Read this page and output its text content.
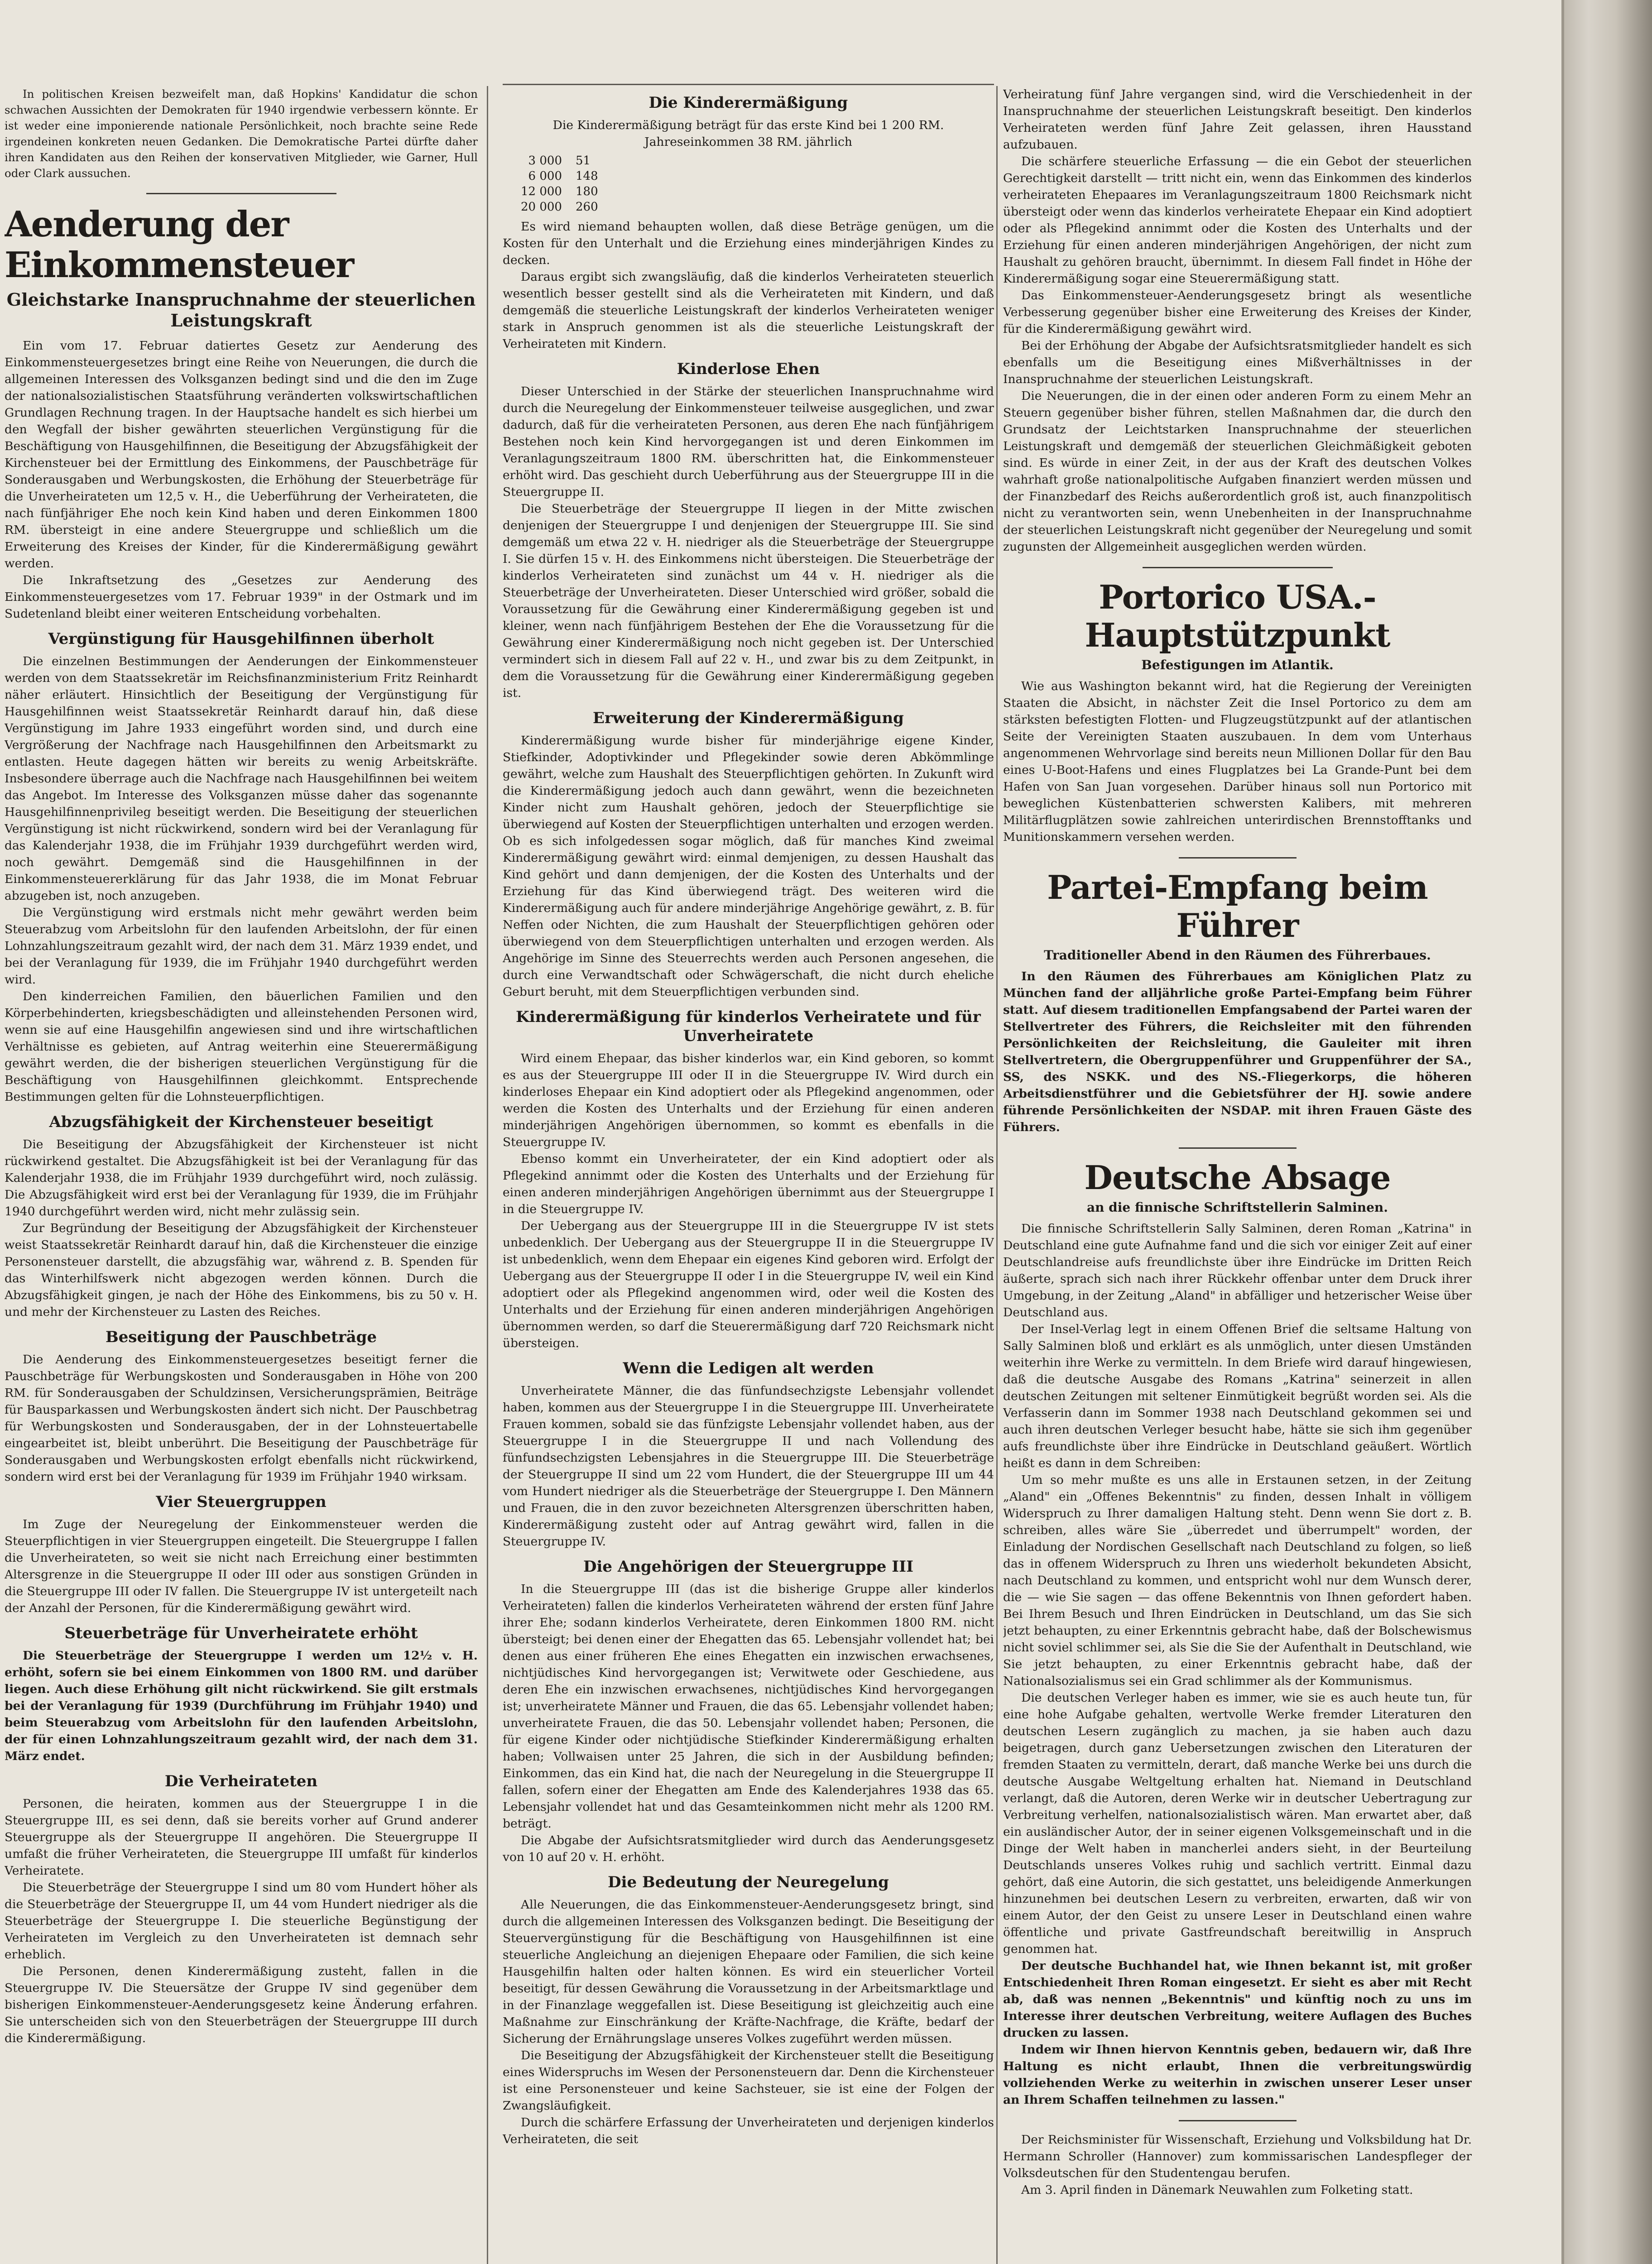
In politischen Kreisen bezweifelt man, daß Hopkins' Kandidatur die schon schwachen Aussichten der Demokraten für 1940 irgendwie verbessern könnte. Er ist weder eine imponierende nationale Persönlichkeit, noch brachte seine Rede irgendeinen konkreten neuen Gedanken. Die Demokratische Partei dürfte daher ihren Kandidaten aus den Reihen der konservativen Mitglieder, wie Garner, Hull oder Clark aussuchen.

Aenderung der Einkommensteuer
Gleichstarke Inanspruchnahme der steuerlichen Leistungskraft

Ein vom 17. Februar datiertes Gesetz zur Aenderung des Einkommensteuergesetzes bringt eine Reihe von Neuerungen, die durch die allgemeinen Interessen des Volksganzen bedingt sind und die den im Zuge der nationalsozialistischen Staatsführung veränderten volkswirtschaftlichen Grundlagen Rechnung tragen. In der Hauptsache handelt es sich hierbei um den Wegfall der bisher gewährten steuerlichen Vergünstigung für die Beschäftigung von Hausgehilfinnen, die Beseitigung der Abzugsfähigkeit der Kirchensteuer bei der Ermittlung des Einkommens, der Pauschbeträge für Sonderausgaben und Werbungskosten, die Erhöhung der Steuerbeträge für die Unverheirateten um 12,5 v. H., die Ueberführung der Verheirateten, die nach fünfjähriger Ehe noch kein Kind haben und deren Einkommen 1800 RM. übersteigt in eine andere Steuergruppe und schließlich um die Erweiterung des Kreises der Kinder, für die Kinderermäßigung gewährt werden.

Die Inkraftsetzung des „Gesetzes zur Aenderung des Einkommensteuergesetzes vom 17. Februar 1939" in der Ostmark und im Sudetenland bleibt einer weiteren Entscheidung vorbehalten.

Vergünstigung für Hausgehilfinnen überholt

Die einzelnen Bestimmungen der Aenderungen der Einkommensteuer werden von dem Staatssekretär im Reichsfinanzministerium Fritz Reinhardt näher erläutert. Hinsichtlich der Beseitigung der Vergünstigung für Hausgehilfinnen weist Staatssekretär Reinhardt darauf hin, daß diese Vergünstigung im Jahre 1933 eingeführt worden sind, und durch eine Vergrößerung der Nachfrage nach Hausgehilfinnen den Arbeitsmarkt zu entlasten. Heute dagegen hätten wir bereits zu wenig Arbeitskräfte. Insbesondere überrage auch die Nachfrage nach Hausgehilfinnen bei weitem das Angebot. Im Interesse des Volksganzen müsse daher das sogenannte Hausgehilfinnenprivileg beseitigt werden. Die Beseitigung der steuerlichen Vergünstigung ist nicht rückwirkend, sondern wird bei der Veranlagung für das Kalenderjahr 1938, die im Frühjahr 1939 durchgeführt werden wird, noch gewährt. Demgemäß sind die Hausgehilfinnen in der Einkommensteuererklärung für das Jahr 1938, die im Monat Februar abzugeben ist, noch anzugeben.

Die Vergünstigung wird erstmals nicht mehr gewährt werden beim Steuerabzug vom Arbeitslohn für den laufenden Arbeitslohn, der für einen Lohnzahlungszeitraum gezahlt wird, der nach dem 31. März 1939 endet, und bei der Veranlagung für 1939, die im Frühjahr 1940 durchgeführt werden wird.

Den kinderreichen Familien, den bäuerlichen Familien und den Körperbehinderten, kriegsbeschädigten und alleinstehenden Personen wird, wenn sie auf eine Hausgehilfin angewiesen sind und ihre wirtschaftlichen Verhältnisse es gebieten, auf Antrag weiterhin eine Steuerermäßigung gewährt werden, die der bisherigen steuerlichen Vergünstigung für die Beschäftigung von Hausgehilfinnen gleichkommt. Entsprechende Bestimmungen gelten für die Lohnsteuerpflichtigen.

Abzugsfähigkeit der Kirchensteuer beseitigt

Die Beseitigung der Abzugsfähigkeit der Kirchensteuer ist nicht rückwirkend gestaltet. Die Abzugsfähigkeit ist bei der Veranlagung für das Kalenderjahr 1938, die im Frühjahr 1939 durchgeführt wird, noch zulässig. Die Abzugsfähigkeit wird erst bei der Veranlagung für 1939, die im Frühjahr 1940 durchgeführt werden wird, nicht mehr zulässig sein.

Zur Begründung der Beseitigung der Abzugsfähigkeit der Kirchensteuer weist Staatssekretär Reinhardt darauf hin, daß die Kirchensteuer die einzige Personensteuer darstellt, die abzugsfähig war, während z. B. Spenden für das Winterhilfswerk nicht abgezogen werden können. Durch die Abzugsfähigkeit gingen, je nach der Höhe des Einkommens, bis zu 50 v. H. und mehr der Kirchensteuer zu Lasten des Reiches.

Beseitigung der Pauschbeträge

Die Aenderung des Einkommensteuergesetzes beseitigt ferner die Pauschbeträge für Werbungskosten und Sonderausgaben in Höhe von 200 RM. für Sonderausgaben der Schuldzinsen, Versicherungsprämien, Beiträge für Bausparkassen und Werbungskosten ändert sich nicht. Der Pauschbetrag für Werbungskosten und Sonderausgaben, der in der Lohnsteuertabelle eingearbeitet ist, bleibt unberührt. Die Beseitigung der Pauschbeträge für Sonderausgaben und Werbungskosten erfolgt ebenfalls nicht rückwirkend, sondern wird erst bei der Veranlagung für 1939 im Frühjahr 1940 wirksam.

Vier Steuergruppen

Im Zuge der Neuregelung der Einkommensteuer werden die Steuerpflichtigen in vier Steuergruppen eingeteilt. Die Steuergruppe I fallen die Unverheirateten, so weit sie nicht nach Erreichung einer bestimmten Altersgrenze in die Steuergruppe II oder III oder aus sonstigen Gründen in die Steuergruppe III oder IV fallen. Die Steuergruppe IV ist untergeteilt nach der Anzahl der Personen, für die Kinderermäßigung gewährt wird.

Steuerbeträge für Unverheiratete erhöht

Die Steuerbeträge der Steuergruppe I werden um 12½ v. H. erhöht, sofern sie bei einem Einkommen von 1800 RM. und darüber liegen. Auch diese Erhöhung gilt nicht rückwirkend. Sie gilt erstmals bei der Veranlagung für 1939 (Durchführung im Frühjahr 1940) und beim Steuerabzug vom Arbeitslohn für den laufenden Arbeitslohn, der für einen Lohnzahlungszeitraum gezahlt wird, der nach dem 31. März endet.

Die Verheirateten

Personen, die heiraten, kommen aus der Steuergruppe I in die Steuergruppe III, es sei denn, daß sie bereits vorher auf Grund anderer Steuergruppe als der Steuergruppe II angehören. Die Steuergruppe II umfaßt die früher Verheirateten, die Steuergruppe III umfaßt für kinderlos Verheiratete.

Die Steuerbeträge der Steuergruppe I sind um 80 vom Hundert höher als die Steuerbeträge der Steuergruppe II, um 44 vom Hundert niedriger als die Steuerbeträge der Steuergruppe I. Die steuerliche Begünstigung der Verheirateten im Vergleich zu den Unverheirateten ist demnach sehr erheblich.

Die Personen, denen Kinderermäßigung zusteht, fallen in die Steuergruppe IV. Die Steuersätze der Gruppe IV sind gegenüber dem bisherigen Einkommensteuer-Aenderungsgesetz keine Änderung erfahren. Sie unterscheiden sich von den Steuerbeträgen der Steuergruppe III durch die Kinderermäßigung.

Die Kinderermäßigung

Die Kinderermäßigung beträgt für das erste Kind bei 1 200 RM. Jahreseinkommen 38 RM. jährlich

3 000	51
6 000	148
12 000	180
20 000	260

Es wird niemand behaupten wollen, daß diese Beträge genügen, um die Kosten für den Unterhalt und die Erziehung eines minderjährigen Kindes zu decken.

Daraus ergibt sich zwangsläufig, daß die kinderlos Verheirateten steuerlich wesentlich besser gestellt sind als die Verheirateten mit Kindern, und daß demgemäß die steuerliche Leistungskraft der kinderlos Verheirateten weniger stark in Anspruch genommen ist als die steuerliche Leistungskraft der Verheirateten mit Kindern.

Kinderlose Ehen

Dieser Unterschied in der Stärke der steuerlichen Inanspruchnahme wird durch die Neuregelung der Einkommensteuer teilweise ausgeglichen, und zwar dadurch, daß für die verheirateten Personen, aus deren Ehe nach fünfjährigem Bestehen noch kein Kind hervorgegangen ist und deren Einkommen im Veranlagungszeitraum 1800 RM. überschritten hat, die Einkommensteuer erhöht wird. Das geschieht durch Ueberführung aus der Steuergruppe III in die Steuergruppe II.

Die Steuerbeträge der Steuergruppe II liegen in der Mitte zwischen denjenigen der Steuergruppe I und denjenigen der Steuergruppe III. Sie sind demgemäß um etwa 22 v. H. niedriger als die Steuerbeträge der Steuergruppe I. Sie dürfen 15 v. H. des Einkommens nicht übersteigen. Die Steuerbeträge der kinderlos Verheirateten sind zunächst um 44 v. H. niedriger als die Steuerbeträge der Unverheirateten. Dieser Unterschied wird größer, sobald die Voraussetzung für die Gewährung einer Kinderermäßigung gegeben ist und kleiner, wenn nach fünfjährigem Bestehen der Ehe die Voraussetzung für die Gewährung einer Kinderermäßigung noch nicht gegeben ist. Der Unterschied vermindert sich in diesem Fall auf 22 v. H., und zwar bis zu dem Zeitpunkt, in dem die Voraussetzung für die Gewährung einer Kinderermäßigung gegeben ist.

Erweiterung der Kinderermäßigung

Kinderermäßigung wurde bisher für minderjährige eigene Kinder, Stiefkinder, Adoptivkinder und Pflegekinder sowie deren Abkömmlinge gewährt, welche zum Haushalt des Steuerpflichtigen gehörten. In Zukunft wird die Kinderermäßigung jedoch auch dann gewährt, wenn die bezeichneten Kinder nicht zum Haushalt gehören, jedoch der Steuerpflichtige sie überwiegend auf Kosten der Steuerpflichtigen unterhalten und erzogen werden. Ob es sich infolgedessen sogar möglich, daß für manches Kind zweimal Kinderermäßigung gewährt wird: einmal demjenigen, zu dessen Haushalt das Kind gehört und dann demjenigen, der die Kosten des Unterhalts und der Erziehung für das Kind überwiegend trägt. Des weiteren wird die Kinderermäßigung auch für andere minderjährige Angehörige gewährt, z. B. für Neffen oder Nichten, die zum Haushalt der Steuerpflichtigen gehören oder überwiegend von dem Steuerpflichtigen unterhalten und erzogen werden. Als Angehörige im Sinne des Steuerrechts werden auch Personen angesehen, die durch eine Verwandtschaft oder Schwägerschaft, die nicht durch eheliche Geburt beruht, mit dem Steuerpflichtigen verbunden sind.

Kinderermäßigung für kinderlos Verheiratete und für Unverheiratete

Wird einem Ehepaar, das bisher kinderlos war, ein Kind geboren, so kommt es aus der Steuergruppe III oder II in die Steuergruppe IV. Wird durch ein kinderloses Ehepaar ein Kind adoptiert oder als Pflegekind angenommen, oder werden die Kosten des Unterhalts und der Erziehung für einen anderen minderjährigen Angehörigen übernommen, so kommt es ebenfalls in die Steuergruppe IV.

Ebenso kommt ein Unverheirateter, der ein Kind adoptiert oder als Pflegekind annimmt oder die Kosten des Unterhalts und der Erziehung für einen anderen minderjährigen Angehörigen übernimmt aus der Steuergruppe I in die Steuergruppe IV.

Der Uebergang aus der Steuergruppe III in die Steuergruppe IV ist stets unbedenklich. Der Uebergang aus der Steuergruppe II in die Steuergruppe IV ist unbedenklich, wenn dem Ehepaar ein eigenes Kind geboren wird. Erfolgt der Uebergang aus der Steuergruppe II oder I in die Steuergruppe IV, weil ein Kind adoptiert oder als Pflegekind angenommen wird, oder weil die Kosten des Unterhalts und der Erziehung für einen anderen minderjährigen Angehörigen übernommen werden, so darf die Steuerermäßigung darf 720 Reichsmark nicht übersteigen.

Wenn die Ledigen alt werden

Unverheiratete Männer, die das fünfundsechzigste Lebensjahr vollendet haben, kommen aus der Steuergruppe I in die Steuergruppe III. Unverheiratete Frauen kommen, sobald sie das fünfzigste Lebensjahr vollendet haben, aus der Steuergruppe I in die Steuergruppe II und nach Vollendung des fünfundsechzigsten Lebensjahres in die Steuergruppe III. Die Steuerbeträge der Steuergruppe II sind um 22 vom Hundert, die der Steuergruppe III um 44 vom Hundert niedriger als die Steuerbeträge der Steuergruppe I. Den Männern und Frauen, die in den zuvor bezeichneten Altersgrenzen überschritten haben, Kinderermäßigung zusteht oder auf Antrag gewährt wird, fallen in die Steuergruppe IV.

Die Angehörigen der Steuergruppe III

In die Steuergruppe III (das ist die bisherige Gruppe aller kinderlos Verheirateten) fallen die kinderlos Verheirateten während der ersten fünf Jahre ihrer Ehe; sodann kinderlos Verheiratete, deren Einkommen 1800 RM. nicht übersteigt; bei denen einer der Ehegatten das 65. Lebensjahr vollendet hat; bei denen aus einer früheren Ehe eines Ehegatten ein inzwischen erwachsenes, nichtjüdisches Kind hervorgegangen ist; Verwitwete oder Geschiedene, aus deren Ehe ein inzwischen erwachsenes, nichtjüdisches Kind hervorgegangen ist; unverheiratete Männer und Frauen, die das 65. Lebensjahr vollendet haben; unverheiratete Frauen, die das 50. Lebensjahr vollendet haben; Personen, die für eigene Kinder oder nichtjüdische Stiefkinder Kinderermäßigung erhalten haben; Vollwaisen unter 25 Jahren, die sich in der Ausbildung befinden; Einkommen, das ein Kind hat, die nach der Neuregelung in die Steuergruppe II fallen, sofern einer der Ehegatten am Ende des Kalenderjahres 1938 das 65. Lebensjahr vollendet hat und das Gesamteinkommen nicht mehr als 1200 RM. beträgt.

Die Abgabe der Aufsichtsratsmitglieder wird durch das Aenderungsgesetz von 10 auf 20 v. H. erhöht.

Die Bedeutung der Neuregelung

Alle Neuerungen, die das Einkommensteuer-Aenderungsgesetz bringt, sind durch die allgemeinen Interessen des Volksganzen bedingt. Die Beseitigung der Steuervergünstigung für die Beschäftigung von Hausgehilfinnen ist eine steuerliche Angleichung an diejenigen Ehepaare oder Familien, die sich keine Hausgehilfin halten oder halten können. Es wird ein steuerlicher Vorteil beseitigt, für dessen Gewährung die Voraussetzung in der Arbeitsmarktlage und in der Finanzlage weggefallen ist. Diese Beseitigung ist gleichzeitig auch eine Maßnahme zur Einschränkung der Kräfte-Nachfrage, die Kräfte, bedarf der Sicherung der Ernährungslage unseres Volkes zugeführt werden müssen.

Die Beseitigung der Abzugsfähigkeit der Kirchensteuer stellt die Beseitigung eines Widerspruchs im Wesen der Personensteuern dar. Denn die Kirchensteuer ist eine Personensteuer und keine Sachsteuer, sie ist eine der Folgen der Zwangsläufigkeit.

Durch die schärfere Erfassung der Unverheirateten und derjenigen kinderlos Verheirateten, die seit

Verheiratung fünf Jahre vergangen sind, wird die Verschiedenheit in der Inanspruchnahme der steuerlichen Leistungskraft beseitigt. Den kinderlos Verheirateten werden fünf Jahre Zeit gelassen, ihren Hausstand aufzubauen.

Die schärfere steuerliche Erfassung — die ein Gebot der steuerlichen Gerechtigkeit darstellt — tritt nicht ein, wenn das Einkommen des kinderlos verheirateten Ehepaares im Veranlagungszeitraum 1800 Reichsmark nicht übersteigt oder wenn das kinderlos verheiratete Ehepaar ein Kind adoptiert oder als Pflegekind annimmt oder die Kosten des Unterhalts und der Erziehung für einen anderen minderjährigen Angehörigen, der nicht zum Haushalt zu gehören braucht, übernimmt. In diesem Fall findet in Höhe der Kinderermäßigung sogar eine Steuerermäßigung statt.

Das Einkommensteuer-Aenderungsgesetz bringt als wesentliche Verbesserung gegenüber bisher eine Erweiterung des Kreises der Kinder, für die Kinderermäßigung gewährt wird.

Bei der Erhöhung der Abgabe der Aufsichtsratsmitglieder handelt es sich ebenfalls um die Beseitigung eines Mißverhältnisses in der Inanspruchnahme der steuerlichen Leistungskraft.

Die Neuerungen, die in der einen oder anderen Form zu einem Mehr an Steuern gegenüber bisher führen, stellen Maßnahmen dar, die durch den Grundsatz der Leichtstarken Inanspruchnahme der steuerlichen Leistungskraft und demgemäß der steuerlichen Gleichmäßigkeit geboten sind. Es würde in einer Zeit, in der aus der Kraft des deutschen Volkes wahrhaft große nationalpolitische Aufgaben finanziert werden müssen und der Finanzbedarf des Reichs außerordentlich groß ist, auch finanzpolitisch nicht zu verantworten sein, wenn Unebenheiten in der Inanspruchnahme der steuerlichen Leistungskraft nicht gegenüber der Neuregelung und somit zugunsten der Allgemeinheit ausgeglichen werden würden.

Portorico USA.-Hauptstützpunkt
Befestigungen im Atlantik.

Wie aus Washington bekannt wird, hat die Regierung der Vereinigten Staaten die Absicht, in nächster Zeit die Insel Portorico zu dem am stärksten befestigten Flotten- und Flugzeugstützpunkt auf der atlantischen Seite der Vereinigten Staaten auszubauen. In dem vom Unterhaus angenommenen Wehrvorlage sind bereits neun Millionen Dollar für den Bau eines U-Boot-Hafens und eines Flugplatzes bei La Grande-Punt bei dem Hafen von San Juan vorgesehen. Darüber hinaus soll nun Portorico mit beweglichen Küstenbatterien schwersten Kalibers, mit mehreren Militärflugplätzen sowie zahlreichen unterirdischen Brennstofftanks und Munitionskammern versehen werden.

Partei-Empfang beim Führer
Traditioneller Abend in den Räumen des Führerbaues.

In den Räumen des Führerbaues am Königlichen Platz zu München fand der alljährliche große Partei-Empfang beim Führer statt. Auf diesem traditionellen Empfangsabend der Partei waren der Stellvertreter des Führers, die Reichsleiter mit den führenden Persönlichkeiten der Reichsleitung, die Gauleiter mit ihren Stellvertretern, die Obergruppenführer und Gruppenführer der SA., SS, des NSKK. und des NS.-Fliegerkorps, die höheren Arbeitsdienstführer und die Gebietsführer der HJ. sowie andere führende Persönlichkeiten der NSDAP. mit ihren Frauen Gäste des Führers.

Deutsche Absage
an die finnische Schriftstellerin Salminen.

Die finnische Schriftstellerin Sally Salminen, deren Roman „Katrina" in Deutschland eine gute Aufnahme fand und die sich vor einiger Zeit auf einer Deutschlandreise aufs freundlichste über ihre Eindrücke im Dritten Reich äußerte, sprach sich nach ihrer Rückkehr offenbar unter dem Druck ihrer Umgebung, in der Zeitung „Aland" in abfälliger und hetzerischer Weise über Deutschland aus.

Der Insel-Verlag legt in einem Offenen Brief die seltsame Haltung von Sally Salminen bloß und erklärt es als unmöglich, unter diesen Umständen weiterhin ihre Werke zu vermitteln. In dem Briefe wird darauf hingewiesen, daß die deutsche Ausgabe des Romans „Katrina" seinerzeit in allen deutschen Zeitungen mit seltener Einmütigkeit begrüßt worden sei. Als die Verfasserin dann im Sommer 1938 nach Deutschland gekommen sei und auch ihren deutschen Verleger besucht habe, hätte sie sich ihm gegenüber aufs freundlichste über ihre Eindrücke in Deutschland geäußert. Wörtlich heißt es dann in dem Schreiben:

Um so mehr mußte es uns alle in Erstaunen setzen, in der Zeitung „Aland" ein „Offenes Bekenntnis" zu finden, dessen Inhalt in völligem Widerspruch zu Ihrer damaligen Haltung steht. Denn wenn Sie dort z. B. schreiben, alles wäre Sie „überredet und überrumpelt" worden, der Einladung der Nordischen Gesellschaft nach Deutschland zu folgen, so ließ das in offenem Widerspruch zu Ihren uns wiederholt bekundeten Absicht, nach Deutschland zu kommen, und entspricht wohl nur dem Wunsch derer, die — wie Sie sagen — das offene Bekenntnis von Ihnen gefordert haben. Bei Ihrem Besuch und Ihren Eindrücken in Deutschland, um das Sie sich jetzt behaupten, zu einer Erkenntnis gebracht habe, daß der Bolschewismus nicht soviel schlimmer sei, als Sie die Sie der Aufenthalt in Deutschland, wie Sie jetzt behaupten, zu einer Erkenntnis gebracht habe, daß der Nationalsozialismus sei ein Grad schlimmer als der Kommunismus.

Die deutschen Verleger haben es immer, wie sie es auch heute tun, für eine hohe Aufgabe gehalten, wertvolle Werke fremder Literaturen den deutschen Lesern zugänglich zu machen, ja sie haben auch dazu beigetragen, durch ganz Uebersetzungen zwischen den Literaturen der fremden Staaten zu vermitteln, derart, daß manche Werke bei uns durch die deutsche Ausgabe Weltgeltung erhalten hat. Niemand in Deutschland verlangt, daß die Autoren, deren Werke wir in deutscher Uebertragung zur Verbreitung verhelfen, nationalsozialistisch wären. Man erwartet aber, daß ein ausländischer Autor, der in seiner eigenen Volksgemeinschaft und in die Dinge der Welt haben in mancherlei anders sieht, in der Beurteilung Deutschlands unseres Volkes ruhig und sachlich vertritt. Einmal dazu gehört, daß eine Autorin, die sich gestattet, uns beleidigende Anmerkungen hinzunehmen bei deutschen Lesern zu verbreiten, erwarten, daß wir von einem Autor, der den Geist zu unsere Leser in Deutschland einen wahre öffentliche und private Gastfreundschaft bereitwillig in Anspruch genommen hat.

Der deutsche Buchhandel hat, wie Ihnen bekannt ist, mit großer Entschiedenheit Ihren Roman eingesetzt. Er sieht es aber mit Recht ab, daß was nennen „Bekenntnis" und künftig noch zu uns im Interesse ihrer deutschen Verbreitung, weitere Auflagen des Buches drucken zu lassen.

Indem wir Ihnen hiervon Kenntnis geben, bedauern wir, daß Ihre Haltung es nicht erlaubt, Ihnen die verbreitungswürdig vollziehenden Werke zu weiterhin in zwischen unserer Leser unser an Ihrem Schaffen teilnehmen zu lassen."

Der Reichsminister für Wissenschaft, Erziehung und Volksbildung hat Dr. Hermann Schroller (Hannover) zum kommissarischen Landespfleger der Volksdeutschen für den Studentengau berufen.

Am 3. April finden in Dänemark Neuwahlen zum Folketing statt.
